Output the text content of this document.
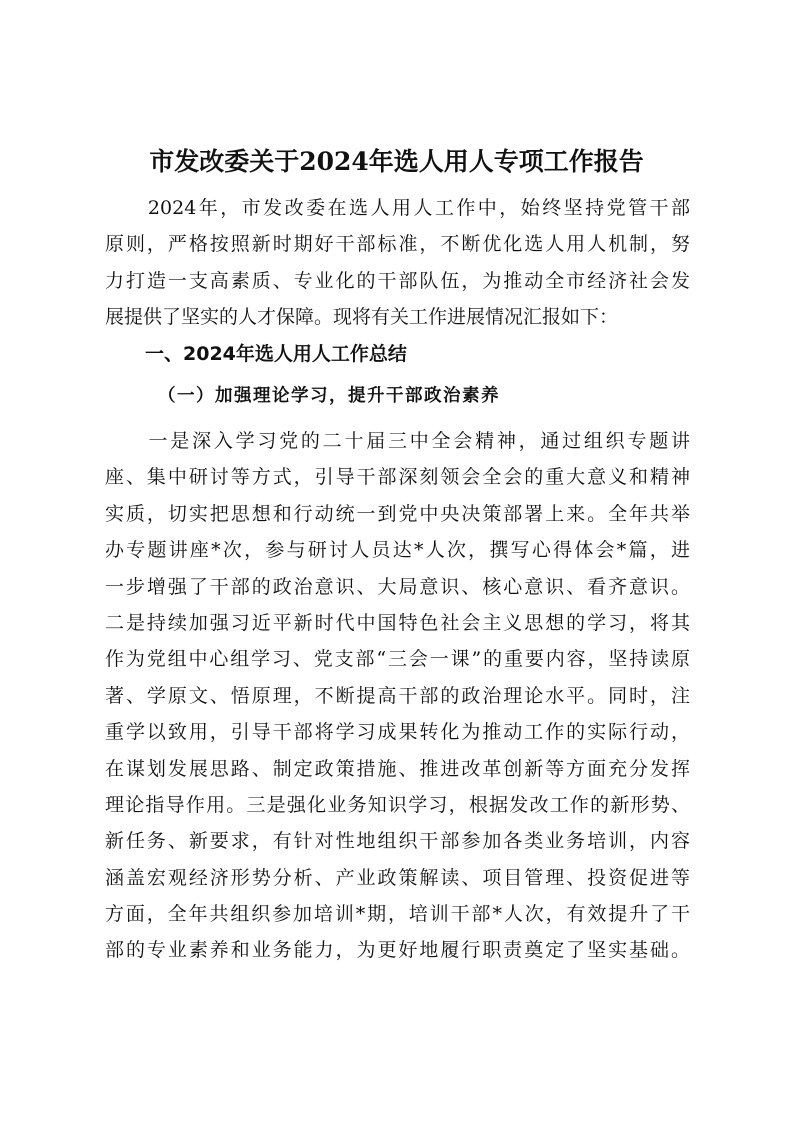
市发改委关于2024年选人用人专项工作报告
　　2024年，市发改委在选人用人工作中，始终坚持党管干部
原则，严格按照新时期好干部标准，不断优化选人用人机制，努
力打造一支高素质、专业化的干部队伍，为推动全市经济社会发
展提供了坚实的人才保障。现将有关工作进展情况汇报如下：
一、2024年选人用人工作总结
（一）加强理论学习，提升干部政治素养
　　一是深入学习党的二十届三中全会精神，通过组织专题讲
座、集中研讨等方式，引导干部深刻领会全会的重大意义和精神
实质，切实把思想和行动统一到党中央决策部署上来。全年共举
办专题讲座*次，参与研讨人员达*人次，撰写心得体会*篇，进
一步增强了干部的政治意识、大局意识、核心意识、看齐意识。
二是持续加强习近平新时代中国特色社会主义思想的学习，将其
作为党组中心组学习、党支部“三会一课”的重要内容，坚持读原
著、学原文、悟原理，不断提高干部的政治理论水平。同时，注
重学以致用，引导干部将学习成果转化为推动工作的实际行动，
在谋划发展思路、制定政策措施、推进改革创新等方面充分发挥
理论指导作用。三是强化业务知识学习，根据发改工作的新形势、
新任务、新要求，有针对性地组织干部参加各类业务培训，内容
涵盖宏观经济形势分析、产业政策解读、项目管理、投资促进等
方面，全年共组织参加培训*期，培训干部*人次，有效提升了干
部的专业素养和业务能力，为更好地履行职责奠定了坚实基础。
